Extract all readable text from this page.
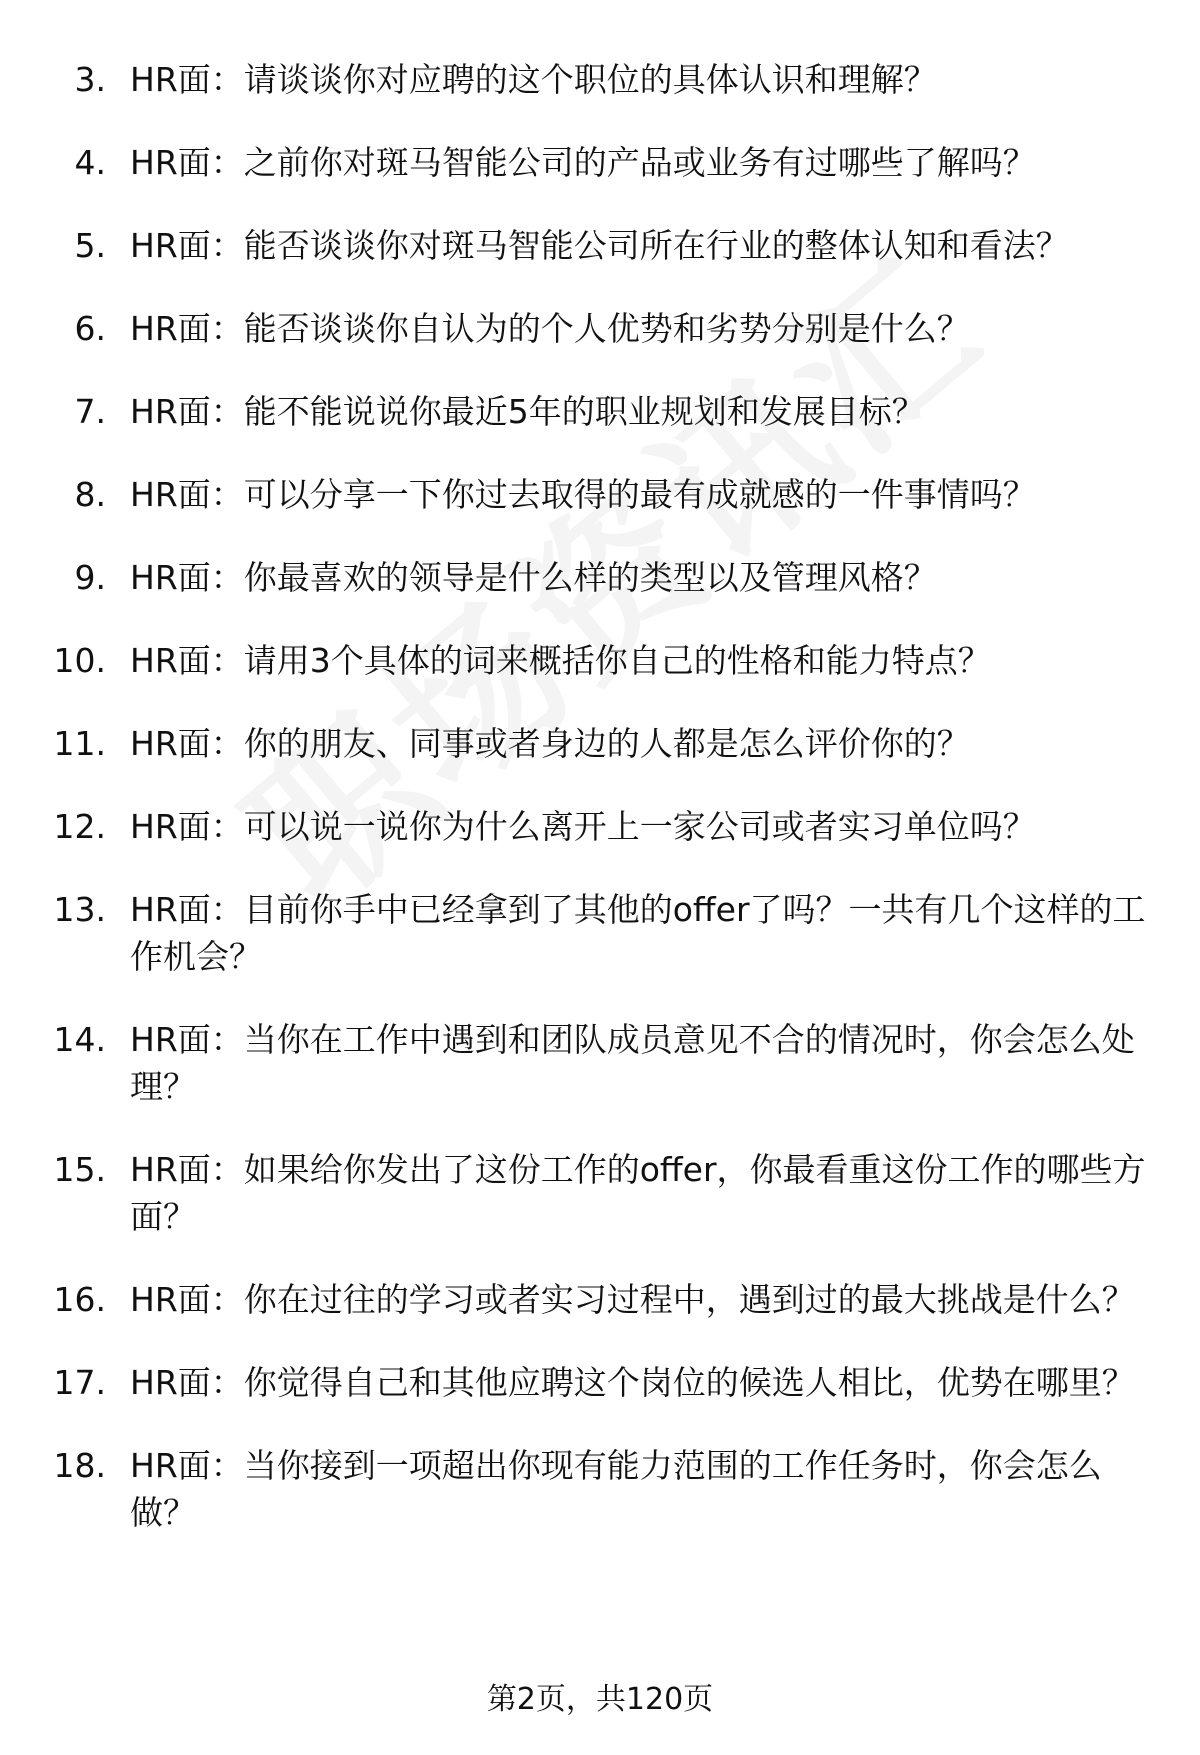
3. HR面：请谈谈你对应聘的这个职位的具体认识和理解？
4. HR面：之前你对斑马智能公司的产品或业务有过哪些了解吗？
5. HR面：能否谈谈你对斑马智能公司所在行业的整体认知和看法？
6. HR面：能否谈谈你自认为的个人优势和劣势分别是什么？
7. HR面：能不能说说你最近5年的职业规划和发展目标？
8. HR面：可以分享一下你过去取得的最有成就感的一件事情吗？
9. HR面：你最喜欢的领导是什么样的类型以及管理风格？
10. HR面：请用3个具体的词来概括你自己的性格和能力特点？
11. HR面：你的朋友、同事或者身边的人都是怎么评价你的？
12. HR面：可以说一说你为什么离开上一家公司或者实习单位吗？
13. HR面：目前你手中已经拿到了其他的offer了吗？一共有几个这样的工作机会？
14. HR面：当你在工作中遇到和团队成员意见不合的情况时，你会怎么处理？
15. HR面：如果给你发出了这份工作的offer，你最看重这份工作的哪些方面？
16. HR面：你在过往的学习或者实习过程中，遇到过的最大挑战是什么？
17. HR面：你觉得自己和其他应聘这个岗位的候选人相比，优势在哪里？
18. HR面：当你接到一项超出你现有能力范围的工作任务时，你会怎么做？
第2页，共120页
